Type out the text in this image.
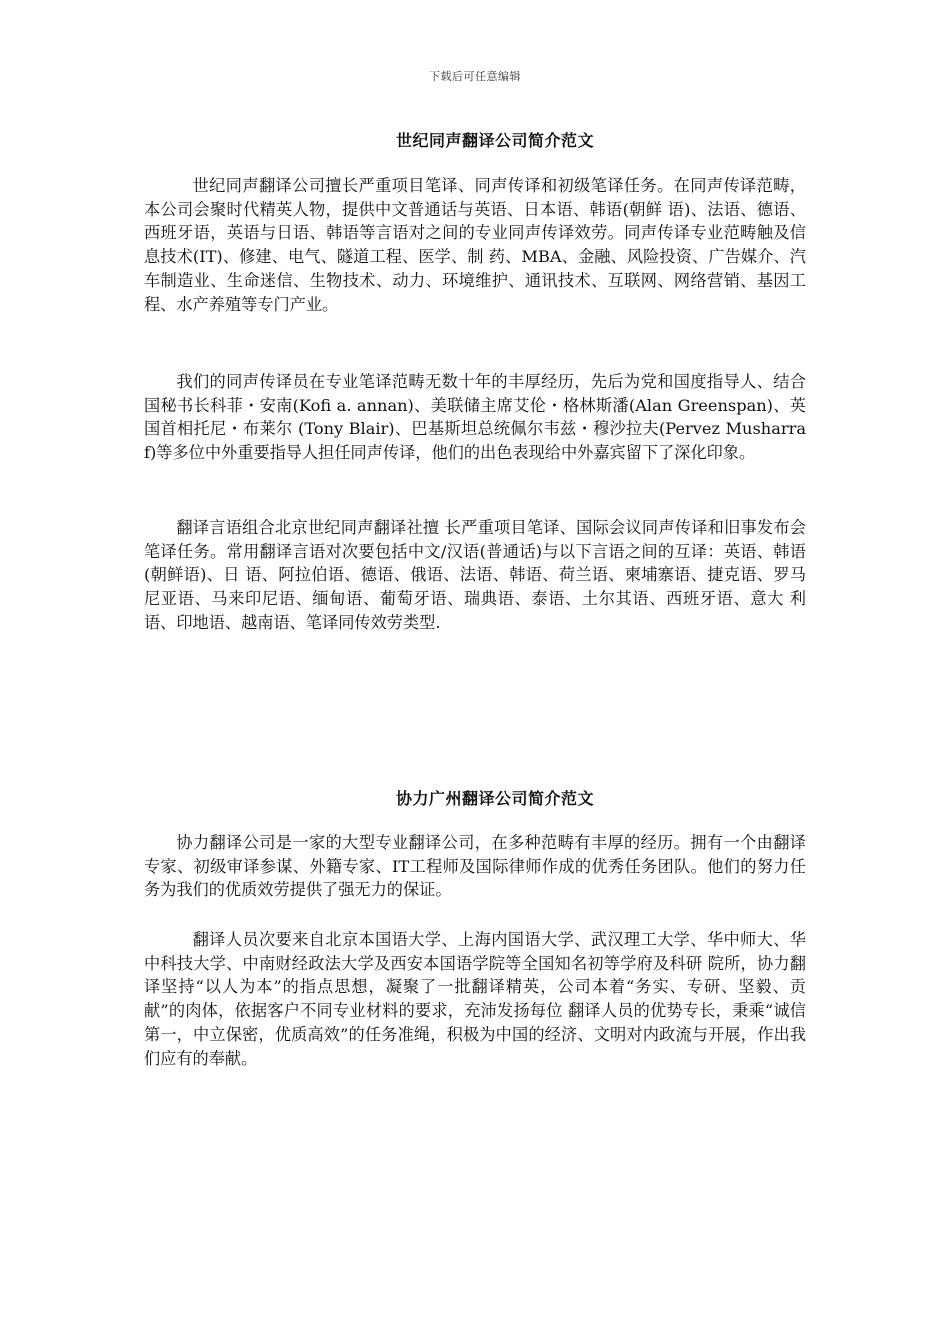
下载后可任意编辑
世纪同声翻译公司简介范文

世纪同声翻译公司擅长严重项目笔译、同声传译和初级笔译任务。在同声传译范畴，本公司会聚时代精英人物，提供中文普通话与英语、日本语、韩语(朝鲜 语)、法语、德语、西班牙语，英语与日语、韩语等言语对之间的专业同声传译效劳。同声传译专业范畴触及信息技术(IT)、修建、电气、隧道工程、医学、制 药、MBA、金融、风险投资、广告媒介、汽车制造业、生命迷信、生物技术、动力、环境维护、通讯技术、互联网、网络营销、基因工程、水产养殖等专门产业。

我们的同声传译员在专业笔译范畴无数十年的丰厚经历，先后为党和国度指导人、结合国秘书长科菲・安南(Kofi a. annan)、美联储主席艾伦・格林斯潘(Alan Greenspan)、英国首相托尼・布莱尔 (Tony Blair)、巴基斯坦总统佩尔韦兹・穆沙拉夫(Pervez Musharraf)等多位中外重要指导人担任同声传译，他们的出色表现给中外嘉宾留下了深化印象。

翻译言语组合北京世纪同声翻译社擅 长严重项目笔译、国际会议同声传译和旧事发布会笔译任务。常用翻译言语对次要包括中文/汉语(普通话)与以下言语之间的互译：英语、韩语(朝鲜语)、日 语、阿拉伯语、德语、俄语、法语、韩语、荷兰语、柬埔寨语、捷克语、罗马尼亚语、马来印尼语、缅甸语、葡萄牙语、瑞典语、泰语、土尔其语、西班牙语、意大 利语、印地语、越南语、笔译同传效劳类型.

协力广州翻译公司简介范文

协力翻译公司是一家的大型专业翻译公司，在多种范畴有丰厚的经历。拥有一个由翻译专家、初级审译参谋、外籍专家、IT工程师及国际律师作成的优秀任务团队。他们的努力任务为我们的优质效劳提供了强无力的保证。

翻译人员次要来自北京本国语大学、上海内国语大学、武汉理工大学、华中师大、华中科技大学、中南财经政法大学及西安本国语学院等全国知名初等学府及科研 院所，协力翻译坚持“以人为本”的指点思想，凝聚了一批翻译精英，公司本着“务实、专研、坚毅、贡献”的肉体，依据客户不同专业材料的要求，充沛发扬每位 翻译人员的优势专长，秉乘“诚信第一，中立保密，优质高效”的任务准绳，积极为中国的经济、文明对内政流与开展，作出我们应有的奉献。
